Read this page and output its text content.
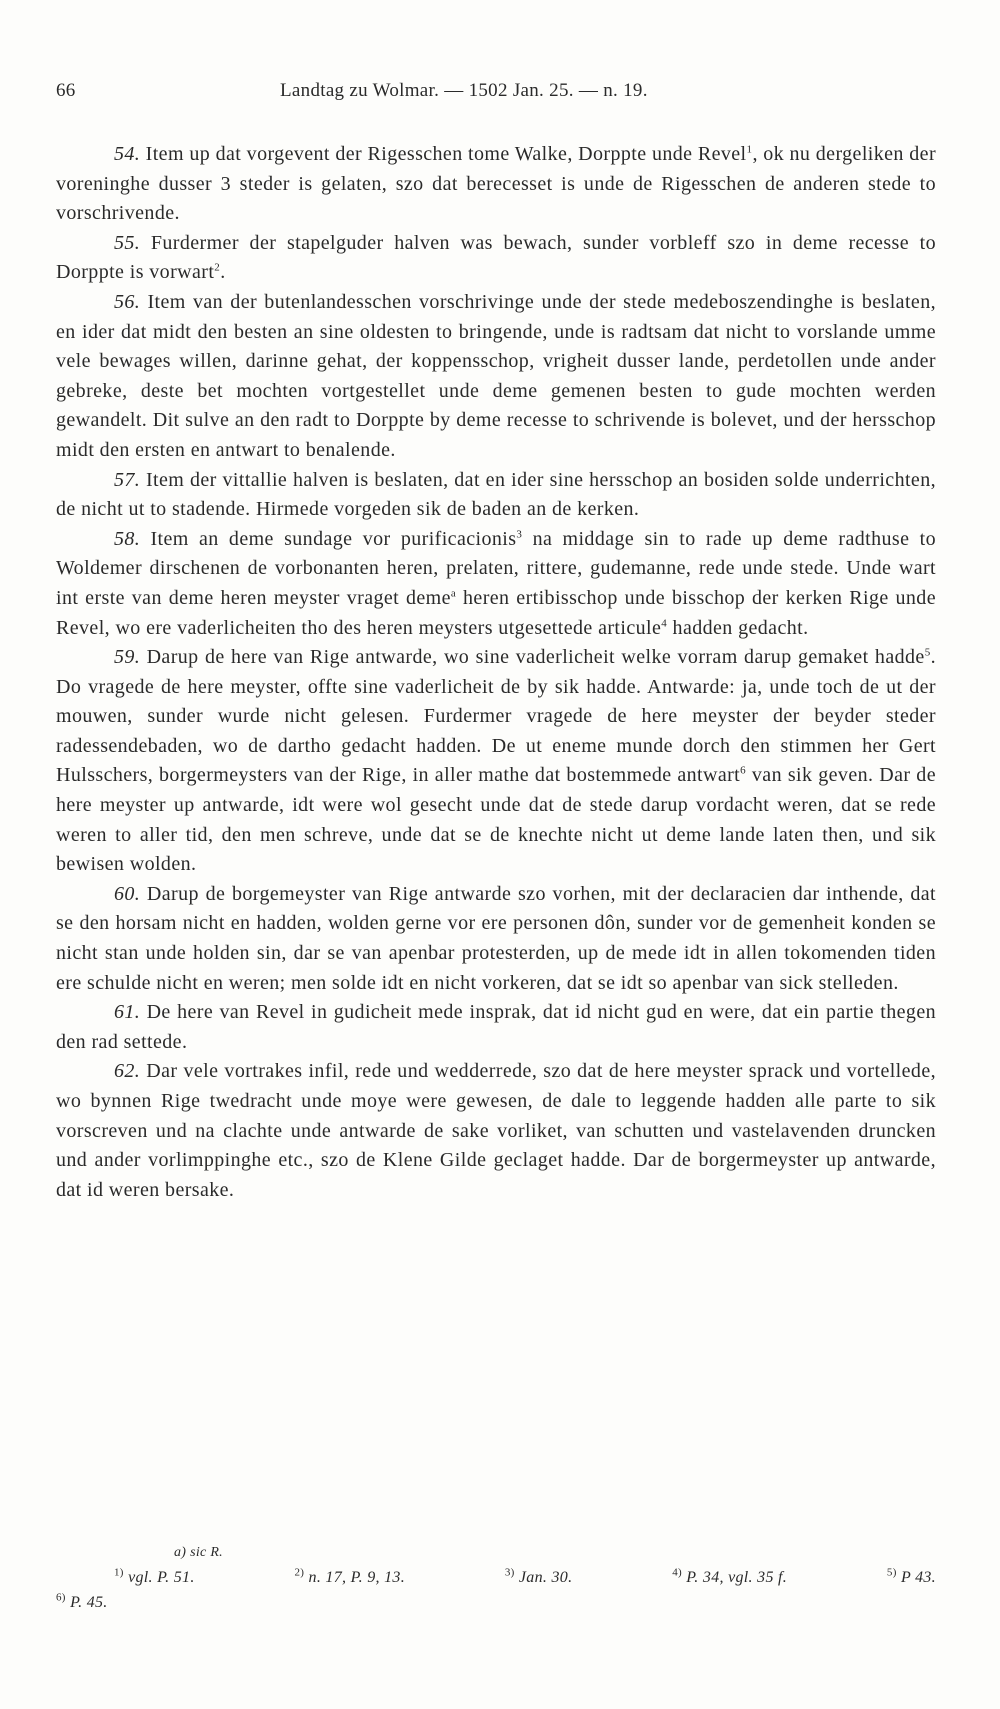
66	Landtag zu Wolmar. — 1502 Jan. 25. — n. 19.

54. Item up dat vorgevent der Rigesschen tome Walke, Dorppte unde Revel$^1$, ok nu dergeliken der voreninghe dusser 3 steder is gelaten, szo dat berecesset is unde de Rigesschen de anderen stede to vorschrivende.

55. Furdermer der stapelguder halven was bewach, sunder vorbleff szo in deme recesse to Dorppte is vorwart$^2$.

56. Item van der butenlandesschen vorschrivinge unde der stede medeboszendinghe is beslaten, en ider dat midt den besten an sine oldesten to bringende, unde is radtsam dat nicht to vorslande umme vele bewages willen, darinne gehat, der koppensschop, vrigheit dusser lande, perdetollen unde ander gebreke, deste bet mochten vortgestellet unde deme gemenen besten to gude mochten werden gewandelt. Dit sulve an den radt to Dorppte by deme recesse to schrivende is bolevet, und der hersschop midt den ersten en antwart to benalende.

57. Item der vittallie halven is beslaten, dat en ider sine hersschop an bosiden solde underrichten, de nicht ut to stadende. Hirmede vorgeden sik de baden an de kerken.

58. Item an deme sundage vor purificacionis$^3$ na middage sin to rade up deme radthuse to Woldemer dirschenen de vorbonanten heren, prelaten, rittere, gudemanne, rede unde stede. Unde wart int erste van deme heren meyster vraget deme$^a$ heren ertibisschop unde bisschop der kerken Rige unde Revel, wo ere vaderlicheiten tho des heren meysters utgesettede articule$^4$ hadden gedacht.

59. Darup de here van Rige antwarde, wo sine vaderlicheit welke vorram darup gemaket hadde$^5$. Do vragede de here meyster, offte sine vaderlicheit de by sik hadde. Antwarde: ja, unde toch de ut der mouwen, sunder wurde nicht gelesen. Furdermer vragede de here meyster der beyder steder radessendebaden, wo de dartho gedacht hadden. De ut eneme munde dorch den stimmen her Gert Hulsschers, borgermeysters van der Rige, in aller mathe dat bostemmede antwart$^6$ van sik geven. Dar de here meyster up antwarde, idt were wol gesecht unde dat de stede darup vordacht weren, dat se rede weren to aller tid, den men schreve, unde dat se de knechte nicht ut deme lande laten then, und sik bewisen wolden.

60. Darup de borgemeyster van Rige antwarde szo vorhen, mit der declaracien dar inthende, dat se den horsam nicht en hadden, wolden gerne vor ere personen dôn, sunder vor de gemenheit konden se nicht stan unde holden sin, dar se van apenbar protesterden, up de mede idt in allen tokomenden tiden ere schulde nicht en weren; men solde idt en nicht vorkeren, dat se idt so apenbar van sick stelleden.

61. De here van Revel in gudicheit mede insprak, dat id nicht gud en were, dat ein partie thegen den rad settede.

62. Dar vele vortrakes infil, rede und wedderrede, szo dat de here meyster sprack und vortellede, wo bynnen Rige twedracht unde moye were gewesen, de dale to leggende hadden alle parte to sik vorscreven und na clachte unde antwarde de sake vorliket, van schutten und vastelavenden druncken und ander vorlimppinghe etc., szo de Klene Gilde geclaget hadde. Dar de borgermeyster up antwarde, dat id weren bersake.

a) sic R.
$^{1)}$ vgl. P. 51.	$^{2)}$ n. 17, P. 9, 13.	$^{3)}$ Jan. 30.	$^{4)}$ P. 34, vgl. 35 f.	$^{5)}$ P 43.
$^{6)}$ P. 45.
